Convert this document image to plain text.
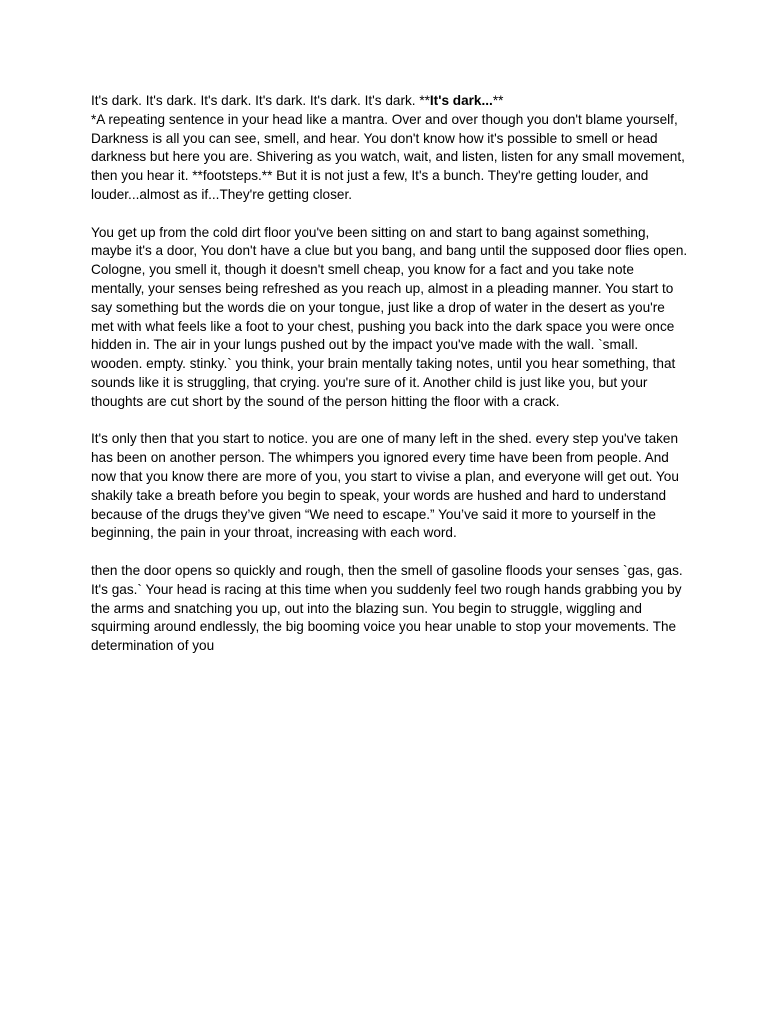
It's dark. It's dark. It's dark. It's dark. It's dark. It's dark. **It's dark...**
*A repeating sentence in your head like a mantra. Over and over though you don't blame yourself, Darkness is all you can see, smell, and hear. You don't know how it's possible to smell or head darkness but here you are. Shivering as you watch, wait, and listen, listen for any small movement, then you hear it. **footsteps.** But it is not just a few, It's a bunch. They're getting louder, and louder...almost as if...They're getting closer.

You get up from the cold dirt floor you've been sitting on and start to bang against something, maybe it's a door, You don't have a clue but you bang, and bang until the supposed door flies open. Cologne, you smell it, though it doesn't smell cheap, you know for a fact and you take note mentally, your senses being refreshed as you reach up, almost in a pleading manner. You start to say something but the words die on your tongue, just like a drop of water in the desert as you're met with what feels like a foot to your chest, pushing you back into the dark space you were once hidden in. The air in your lungs pushed out by the impact you've made with the wall. `small. wooden. empty. stinky.` you think, your brain mentally taking notes, until you hear something, that sounds like it is struggling, that crying. you're sure of it. Another child is just like you, but your thoughts are cut short by the sound of the person hitting the floor with a crack.

It's only then that you start to notice. you are one of many left in the shed. every step you've taken has been on another person. The whimpers you ignored every time have been from people. And now that you know there are more of you, you start to vivise a plan, and everyone will get out. You shakily take a breath before you begin to speak, your words are hushed and hard to understand because of the drugs they’ve given “We need to escape.” You’ve said it more to yourself in the beginning, the pain in your throat, increasing with each word.

then the door opens so quickly and rough, then the smell of gasoline floods your senses `gas, gas. It's gas.` Your head is racing at this time when you suddenly feel two rough hands grabbing you by the arms and snatching you up, out into the blazing sun. You begin to struggle, wiggling and squirming around endlessly, the big booming voice you hear unable to stop your movements. The determination of you
